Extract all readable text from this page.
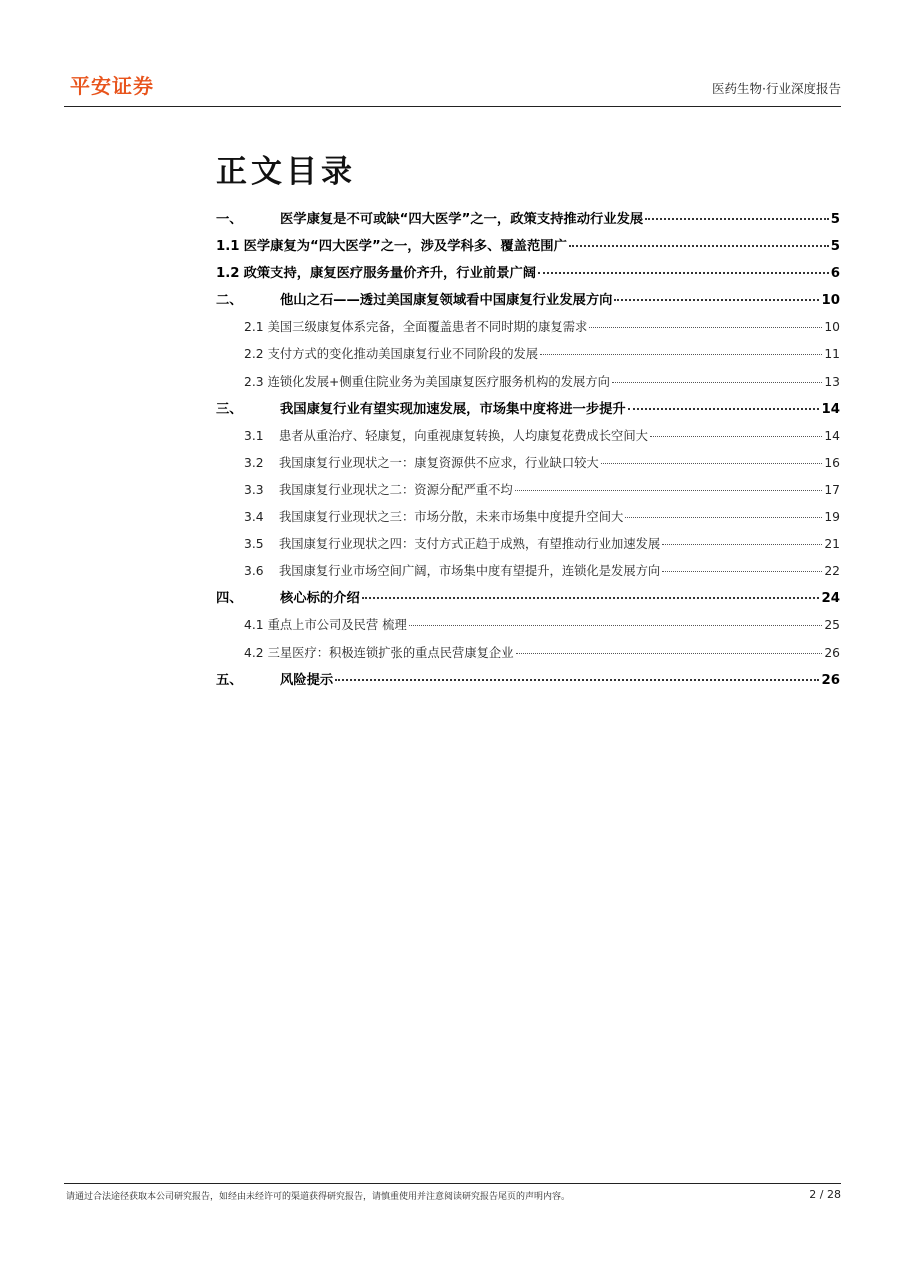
平安证券	医药生物·行业深度报告
正文目录
一、	医学康复是不可或缺“四大医学”之一，政策支持推动行业发展	5
1.1 医学康复为“四大医学”之一，涉及学科多、覆盖范围广	5
1.2 政策支持，康复医疗服务量价齐升，行业前景广阔	6
二、	他山之石——透过美国康复领域看中国康复行业发展方向	10
2.1 美国三级康复体系完备，全面覆盖患者不同时期的康复需求	10
2.2 支付方式的变化推动美国康复行业不同阶段的发展	11
2.3 连锁化发展+侧重住院业务为美国康复医疗服务机构的发展方向	13
三、	我国康复行业有望实现加速发展，市场集中度将进一步提升	14
3.1	患者从重治疗、轻康复，向重视康复转换，人均康复花费成长空间大	14
3.2	我国康复行业现状之一：康复资源供不应求，行业缺口较大	16
3.3	我国康复行业现状之二：资源分配严重不均	17
3.4	我国康复行业现状之三：市场分散，未来市场集中度提升空间大	19
3.5	我国康复行业现状之四：支付方式正趋于成熟，有望推动行业加速发展	21
3.6	我国康复行业市场空间广阔，市场集中度有望提升，连锁化是发展方向	22
四、	核心标的介绍	24
4.1 重点上市公司及民营 梳理	25
4.2 三星医疗：积极连锁扩张的重点民营康复企业	26
五、	风险提示	26
请通过合法途径获取本公司研究报告，如经由未经许可的渠道获得研究报告，请慎重使用并注意阅读研究报告尾页的声明内容。	2 / 28
